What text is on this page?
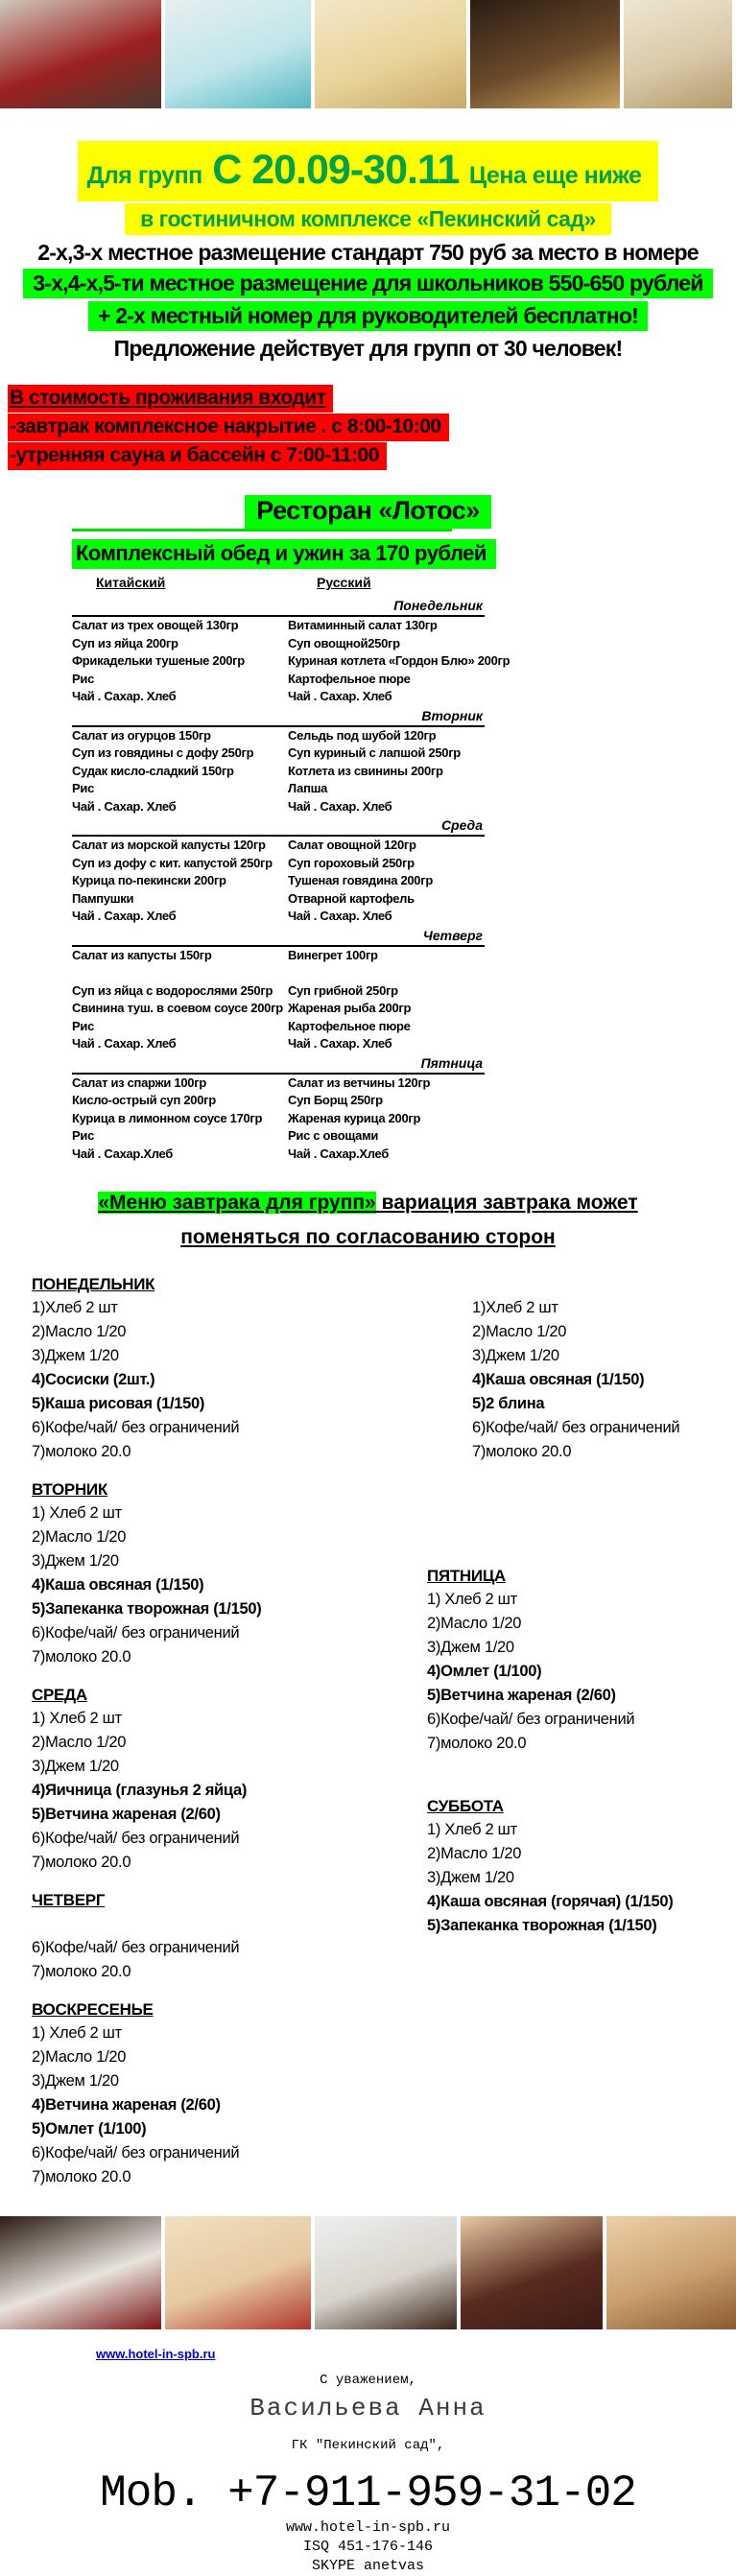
Для групп С 20.09-30.11 Цена еще ниже
в гостиничном комплексе «Пекинский сад»
2-х,3-х местное размещение стандарт 750 руб за место в номере
3-х,4-х,5-ти местное размещение для школьников 550-650 рублей
+ 2-х местный номер для руководителей бесплатно!
Предложение действует для групп от 30 человек!
В стоимость проживания входит
-завтрак комплексное накрытие . с 8:00-10:00
-утренняя сауна и бассейн с 7:00-11:00
Ресторан «Лотос»
Комплексный обед и ужин за 170 рублей
Китайский	Русский
Понедельник
Салат из трех овощей 130гр	Витаминный салат 130гр
Суп из яйца 200гр	Суп овощной250гр
Фрикадельки тушеные 200гр	Куриная котлета «Гордон Блю» 200гр
Рис	Картофельное пюре
Чай . Сахар. Хлеб	Чай . Сахар. Хлеб
Вторник
Салат из огурцов 150гр	Сельдь под шубой 120гр
Суп из говядины с дофу 250гр	Суп куриный с лапшой 250гр
Судак кисло-сладкий 150гр	Котлета из свинины 200гр
Рис	Лапша
Чай . Сахар. Хлеб	Чай . Сахар. Хлеб
Среда
Салат из морской капусты 120гр	Салат овощной 120гр
Суп из дофу с кит. капустой 250гр	Суп гороховый 250гр
Курица по-пекински 200гр	Тушеная говядина 200гр
Пампушки	Отварной картофель
Чай . Сахар. Хлеб	Чай . Сахар. Хлеб
Четверг
Салат из капусты 150гр	Винегрет 100гр

Суп из яйца с водорослями 250гр	Суп грибной 250гр
Свинина туш. в соевом соусе 200гр Жареная рыба 200гр
Рис	Картофельное пюре
Чай . Сахар. Хлеб	Чай . Сахар. Хлеб
Пятница
Салат из спаржи 100гр	Салат из ветчины 120гр
Кисло-острый суп 200гр	Суп Борщ 250гр
Курица в лимонном соусе 170гр	Жареная курица 200гр
Рис	Рис с овощами
Чай . Сахар.Хлеб	Чай . Сахар.Хлеб
«Меню завтрака для групп» вариация завтрака может
поменяться по согласованию сторон
ПОНЕДЕЛЬНИК
1)Хлеб 2 шт
2)Масло 1/20
3)Джем 1/20
4)Сосиски (2шт.)
5)Каша рисовая (1/150)
6)Кофе/чай/ без ограничений
7)молоко 20.0
ВТОРНИК
1) Хлеб 2 шт
2)Масло 1/20
3)Джем 1/20
4)Каша овсяная (1/150)
5)Запеканка творожная (1/150)
6)Кофе/чай/ без ограничений
7)молоко 20.0
СРЕДА
1) Хлеб 2 шт
2)Масло 1/20
3)Джем 1/20
4)Яичница (глазунья 2 яйца)
5)Ветчина жареная (2/60)
6)Кофе/чай/ без ограничений
7)молоко 20.0
ЧЕТВЕРГ

6)Кофе/чай/ без ограничений
7)молоко 20.0
ВОСКРЕСЕНЬЕ
1) Хлеб 2 шт
2)Масло 1/20
3)Джем 1/20
4)Ветчина жареная (2/60)
5)Омлет (1/100)
6)Кофе/чай/ без ограничений
7)молоко 20.0
1)Хлеб 2 шт
2)Масло 1/20
3)Джем 1/20
4)Каша овсяная (1/150)
5)2 блина
6)Кофе/чай/ без ограничений
7)молоко 20.0
ПЯТНИЦА
1) Хлеб 2 шт
2)Масло 1/20
3)Джем 1/20
4)Омлет (1/100)
5)Ветчина жареная (2/60)
6)Кофе/чай/ без ограничений
7)молоко 20.0
СУББОТА
1) Хлеб 2 шт
2)Масло 1/20
3)Джем 1/20
4)Каша овсяная (горячая) (1/150)
5)Запеканка творожная (1/150)
www.hotel-in-spb.ru
С уважением,
Васильева Анна
ГК "Пекинский сад",
Mob. +7-911-959-31-02
www.hotel-in-spb.ru
ISQ 451-176-146
SKYPE anetvas
